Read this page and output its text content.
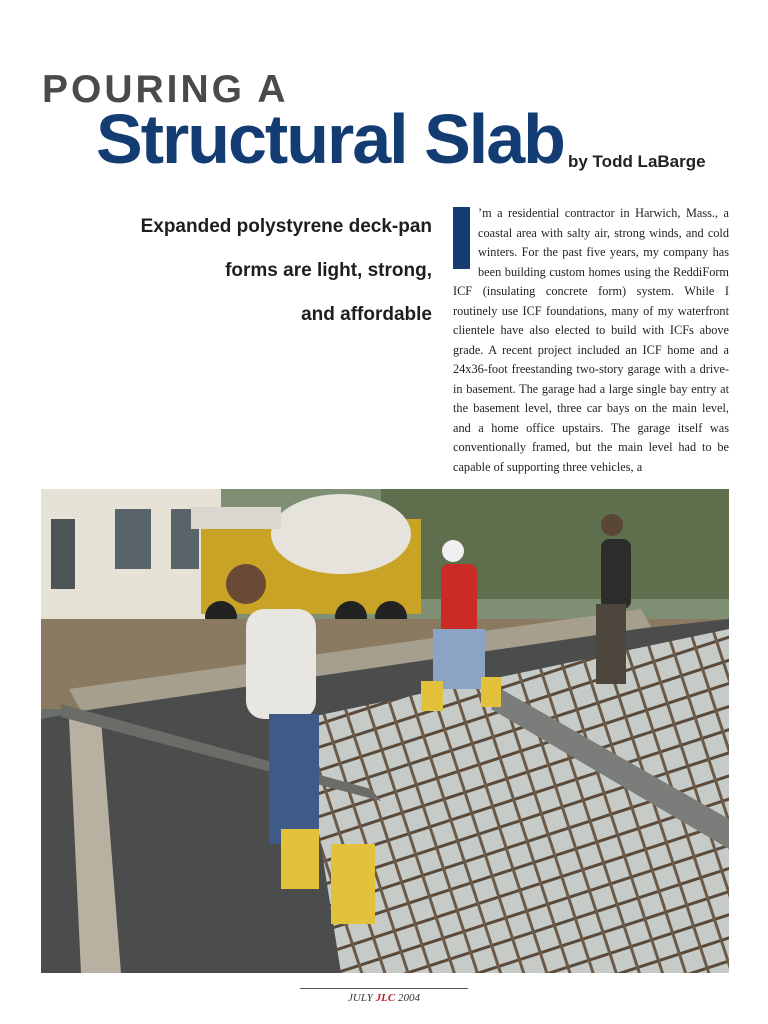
POURING A
Structural Slab by Todd LaBarge
Expanded polystyrene deck-pan
forms are light, strong,
and affordable
’m a residential contractor in Harwich, Mass., a coastal area with salty air, strong winds, and cold winters. For the past five years, my company has been building custom homes using the ReddiForm ICF (insulating concrete form) system. While I routinely use ICF foundations, many of my waterfront clientele have also elected to build with ICFs above grade. A recent project included an ICF home and a 24x36-foot freestanding two-story garage with a drive-in basement. The garage had a large single bay entry at the basement level, three car bays on the main level, and a home office upstairs. The garage itself was conventionally framed, but the main level had to be capable of supporting three vehicles, a
JULY JLC 2004
